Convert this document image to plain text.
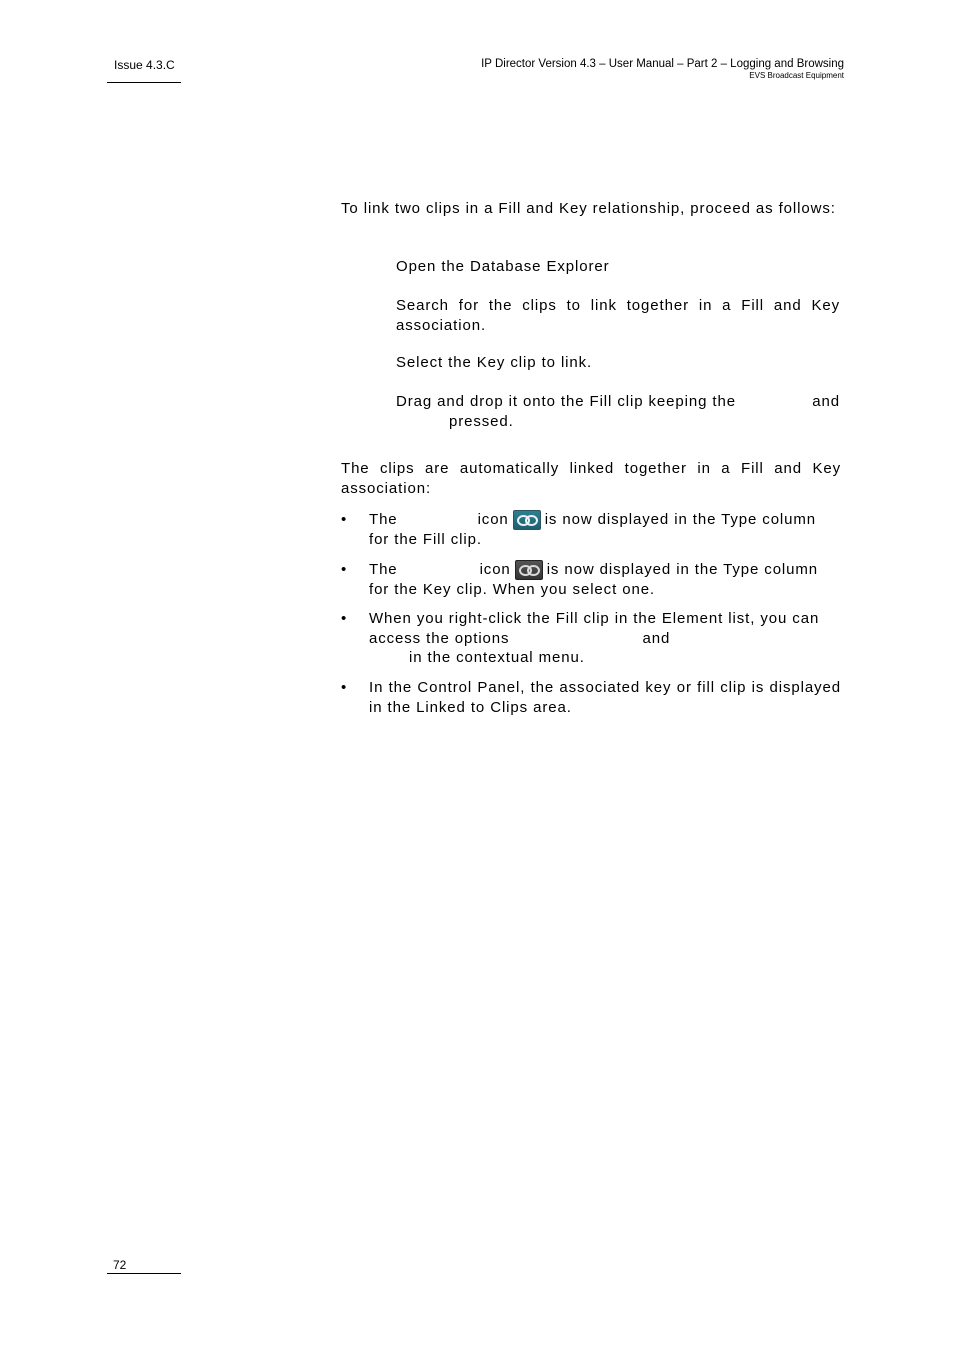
Issue 4.3.C	IP Director Version 4.3 – User Manual – Part 2 – Logging and Browsing
EVS Broadcast Equipment
To link two clips in a Fill and Key relationship, proceed as follows:
Open the Database Explorer
Search for the clips to link together in a Fill and Key association.
Select the Key clip to link.
Drag and drop it onto the Fill clip keeping the	and
pressed.
The clips are automatically linked together in a Fill and Key association:
• The	icon is now displayed in the Type column
for the Fill clip.
• The	icon is now displayed in the Type column
for the Key clip. When you select one.
• When you right-click the Fill clip in the Element list, you can
access the options	and
in the contextual menu.
• In the Control Panel, the associated key or fill clip is displayed in the Linked to Clips area.
72
